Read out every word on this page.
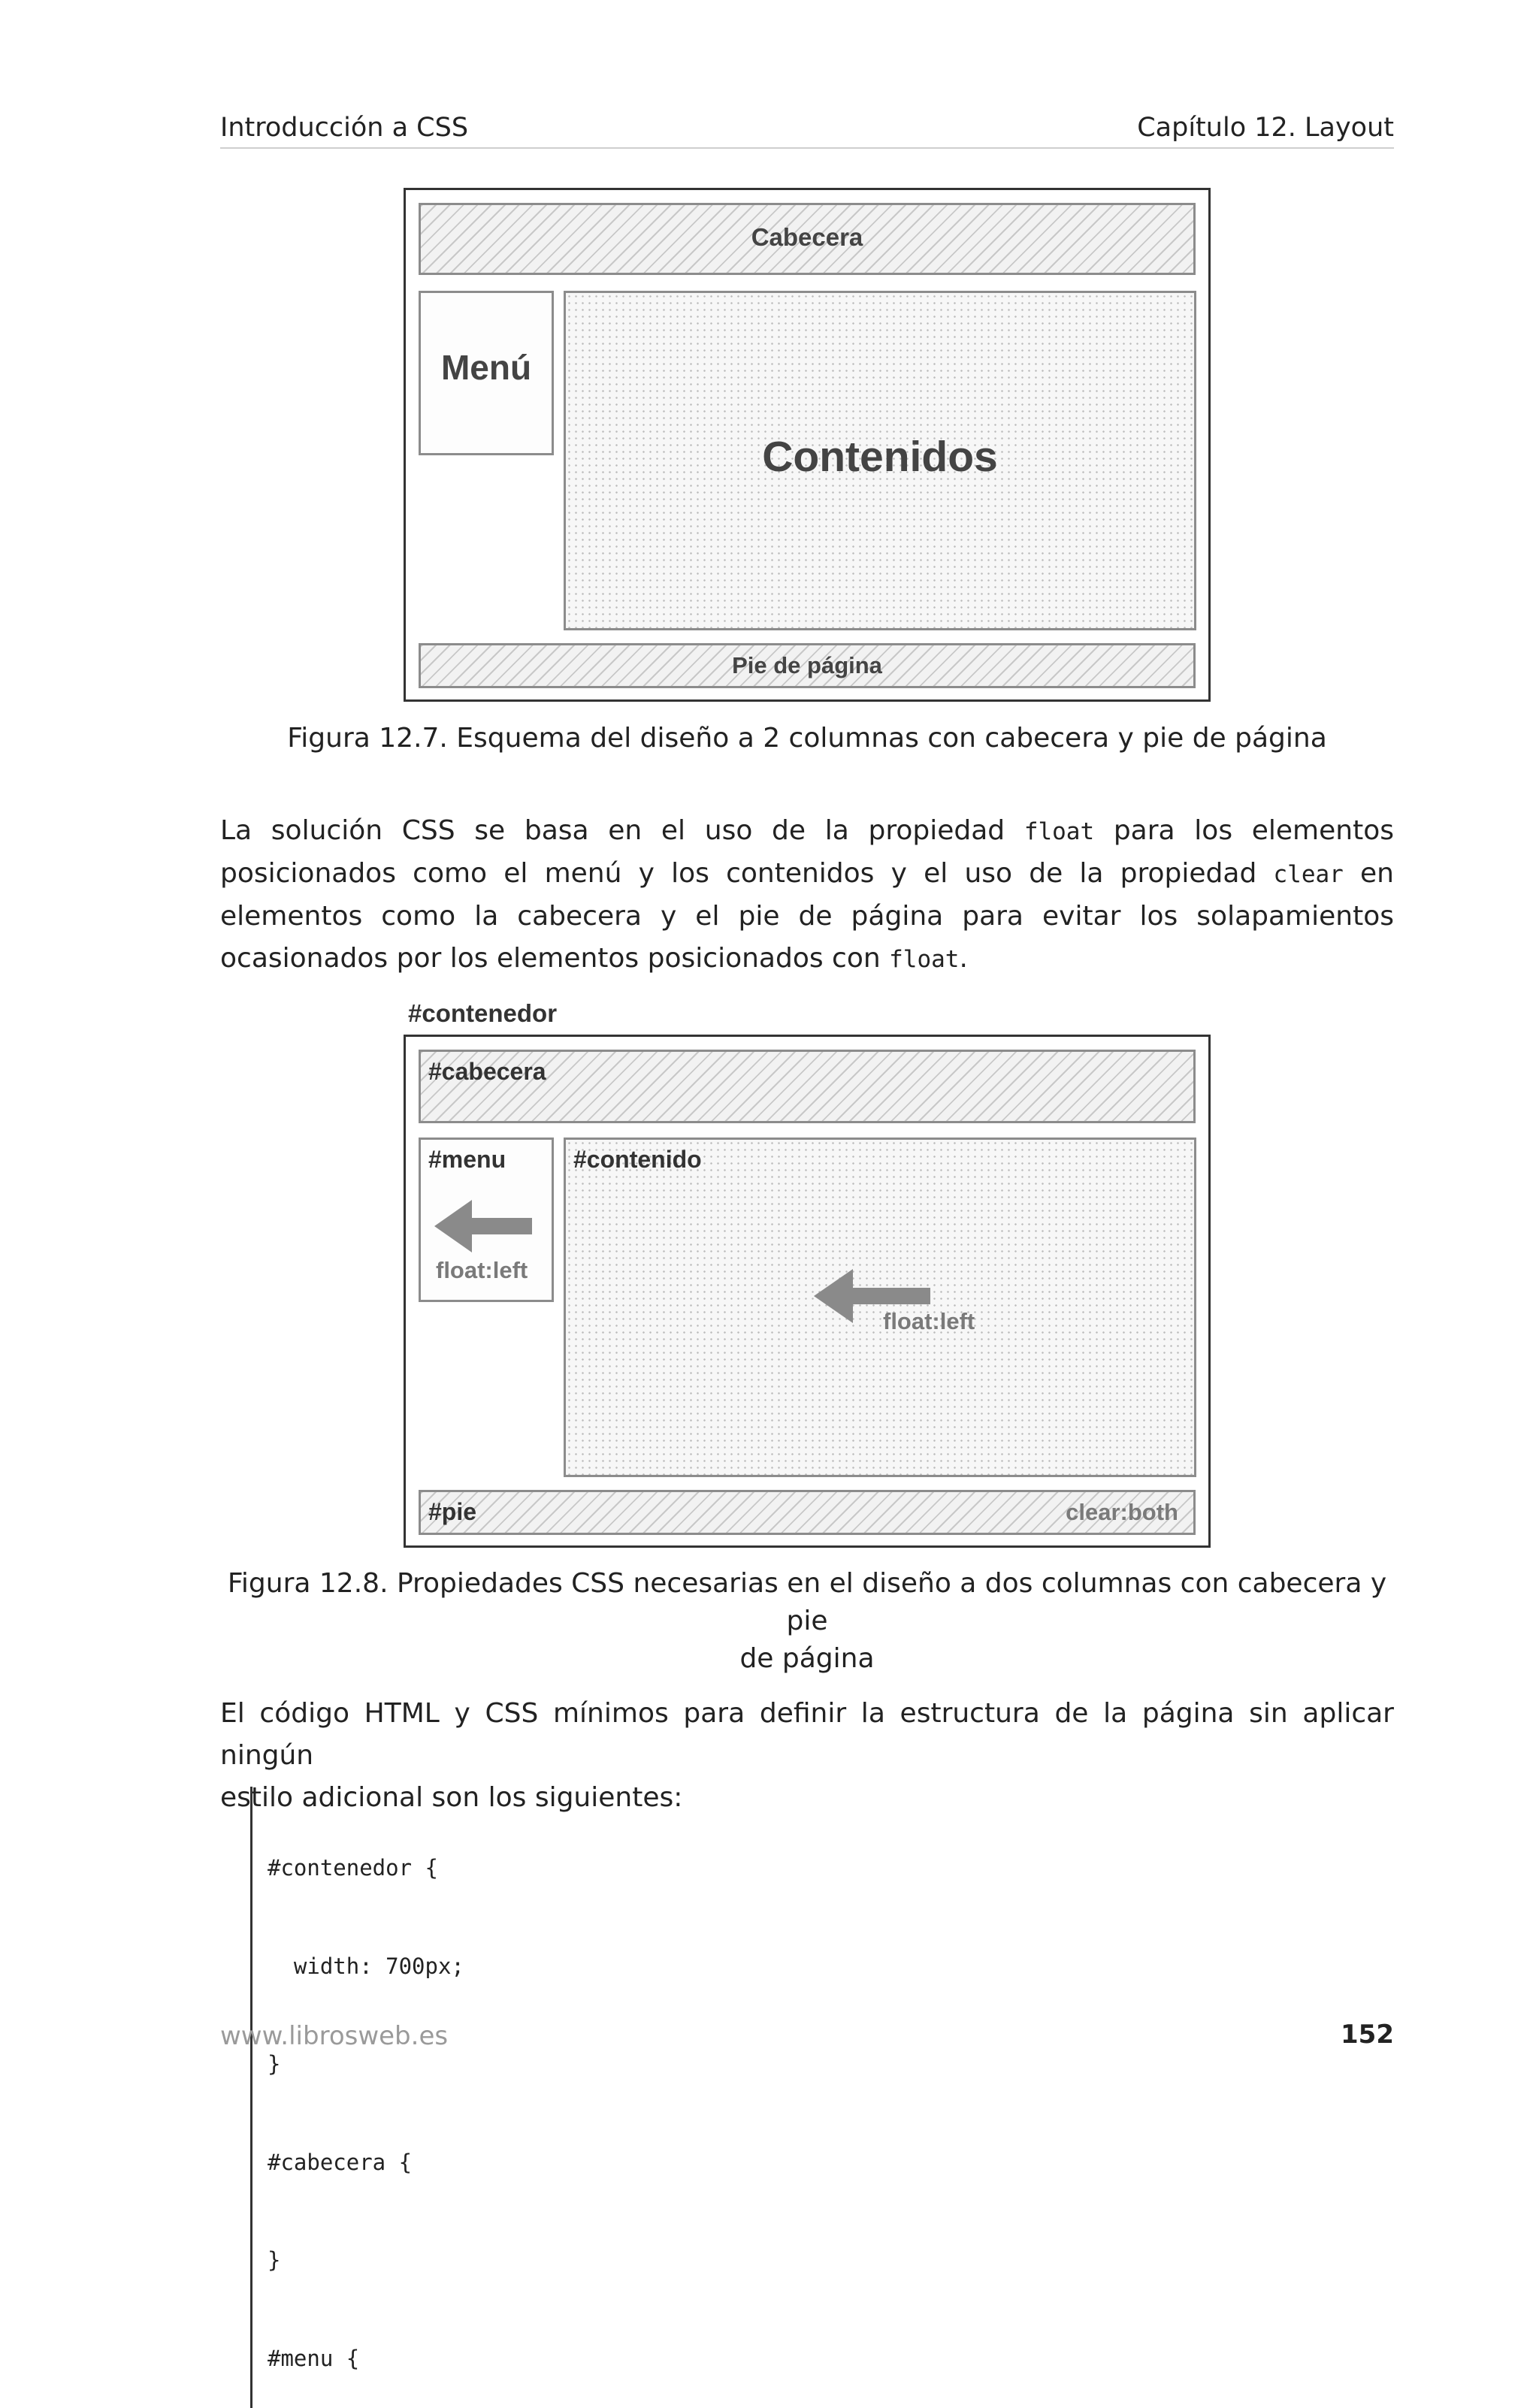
Introducción a CSS	Capítulo 12. Layout
Cabecera
Menú
Contenidos
Pie de página
Figura 12.7. Esquema del diseño a 2 columnas con cabecera y pie de página
La solución CSS se basa en el uso de la propiedad float para los elementos posicionados como el menú y los contenidos y el uso de la propiedad clear en elementos como la cabecera y el pie de página para evitar los solapamientos ocasionados por los elementos posicionados con float.
#contenedor
#cabecera
#menu
float:left
#contenido
float:left
#pie	clear:both
Figura 12.8. Propiedades CSS necesarias en el diseño a dos columnas con cabecera y pie
de página
El código HTML y CSS mínimos para definir la estructura de la página sin aplicar ningún
estilo adicional son los siguientes:

#contenedor {

width: 700px;

}

#cabecera {

}

#menu {

www.librosweb.es	152
